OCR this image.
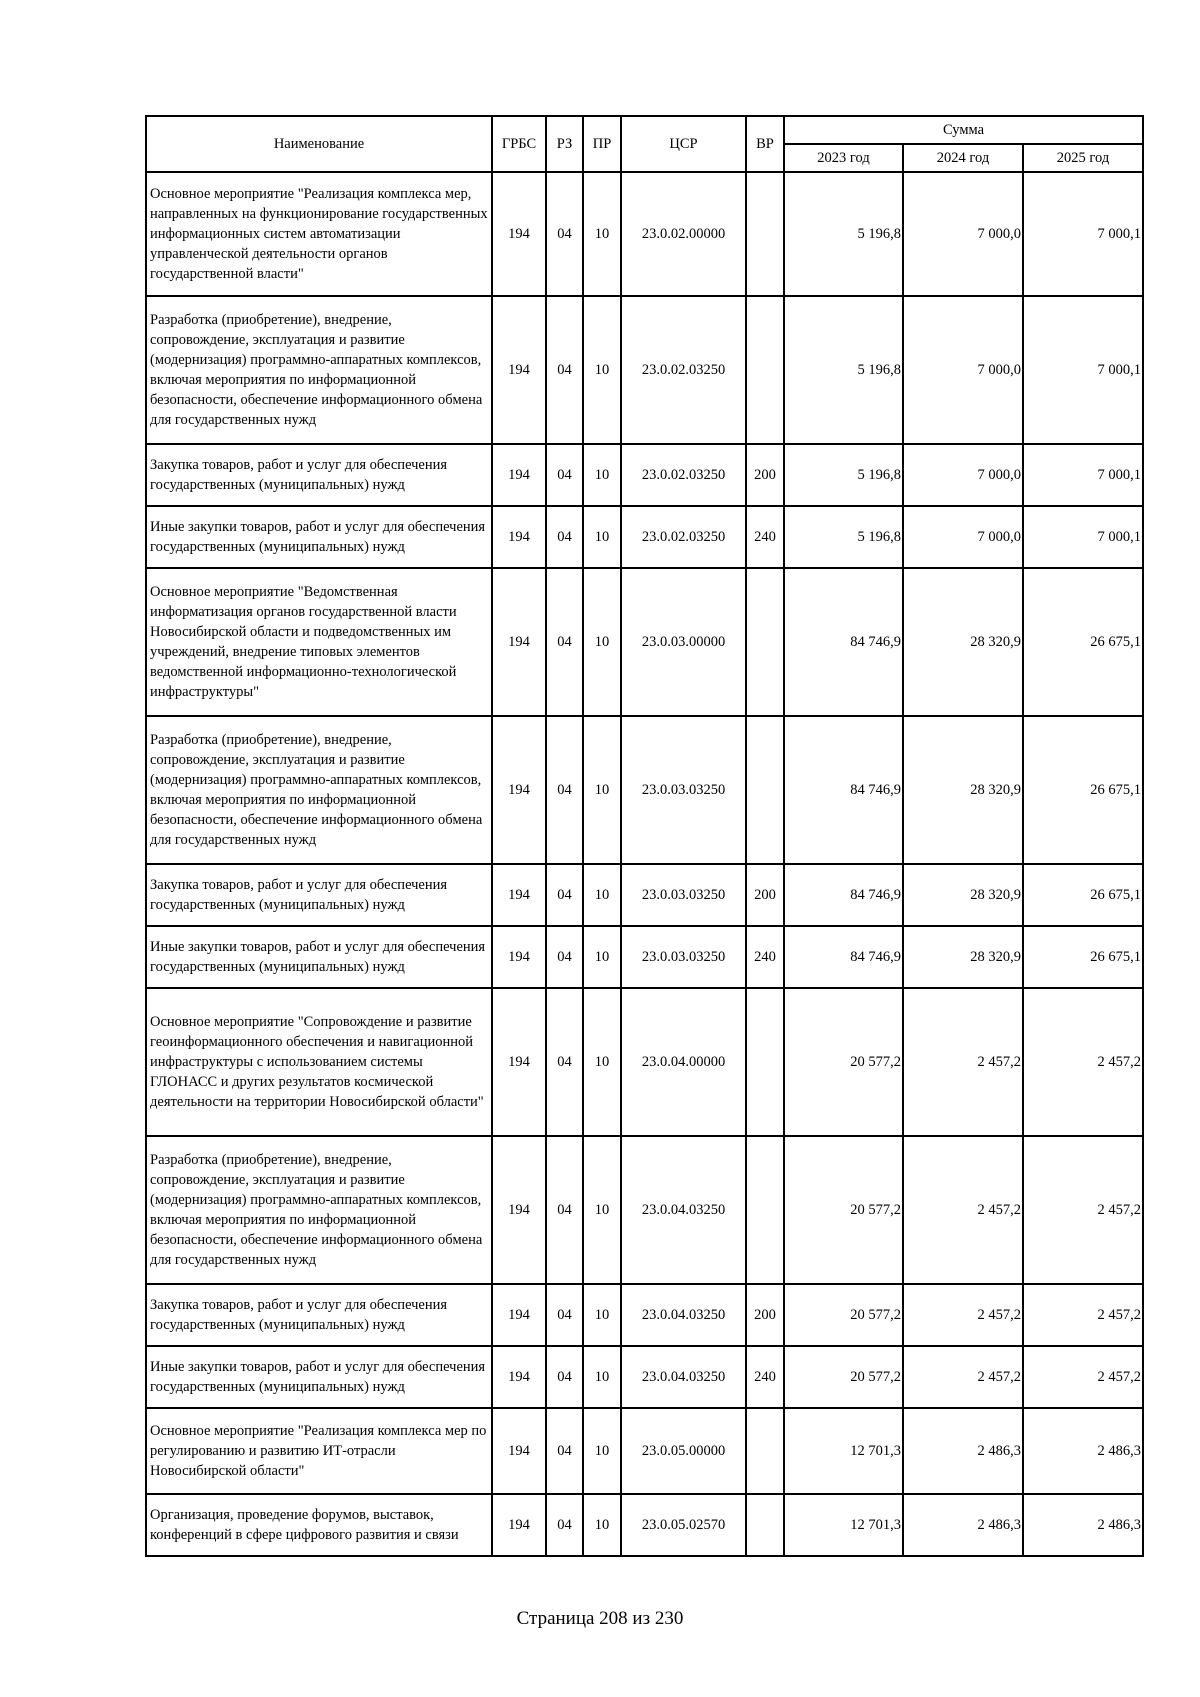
Наименование	ГРБС	РЗ	ПР	ЦСР	ВР	Сумма		
						2023 год	2024 год	2025 год
Основное мероприятие "Реализация комплекса мер, направленных на функционирование государственных информационных систем автоматизации управленческой деятельности органов государственной власти"	194	04	10	23.0.02.00000		5 196,8	7 000,0	7 000,1
Разработка (приобретение), внедрение, сопровождение, эксплуатация и развитие (модернизация) программно-аппаратных комплексов, включая мероприятия по информационной безопасности, обеспечение информационного обмена для государственных нужд	194	04	10	23.0.02.03250		5 196,8	7 000,0	7 000,1
Закупка товаров, работ и услуг для обеспечения государственных (муниципальных) нужд	194	04	10	23.0.02.03250	200	5 196,8	7 000,0	7 000,1
Иные закупки товаров, работ и услуг для обеспечения государственных (муниципальных) нужд	194	04	10	23.0.02.03250	240	5 196,8	7 000,0	7 000,1
Основное мероприятие "Ведомственная информатизация органов государственной власти Новосибирской области и подведомственных им учреждений, внедрение типовых элементов ведомственной информационно-технологической инфраструктуры"	194	04	10	23.0.03.00000		84 746,9	28 320,9	26 675,1
Разработка (приобретение), внедрение, сопровождение, эксплуатация и развитие (модернизация) программно-аппаратных комплексов, включая мероприятия по информационной безопасности, обеспечение информационного обмена для государственных нужд	194	04	10	23.0.03.03250		84 746,9	28 320,9	26 675,1
Закупка товаров, работ и услуг для обеспечения государственных (муниципальных) нужд	194	04	10	23.0.03.03250	200	84 746,9	28 320,9	26 675,1
Иные закупки товаров, работ и услуг для обеспечения государственных (муниципальных) нужд	194	04	10	23.0.03.03250	240	84 746,9	28 320,9	26 675,1
Основное мероприятие "Сопровождение и развитие геоинформационного обеспечения и навигационной инфраструктуры с использованием системы ГЛОНАСС и других результатов космической деятельности на территории Новосибирской области"	194	04	10	23.0.04.00000		20 577,2	2 457,2	2 457,2
Разработка (приобретение), внедрение, сопровождение, эксплуатация и развитие (модернизация) программно-аппаратных комплексов, включая мероприятия по информационной безопасности, обеспечение информационного обмена для государственных нужд	194	04	10	23.0.04.03250		20 577,2	2 457,2	2 457,2
Закупка товаров, работ и услуг для обеспечения государственных (муниципальных) нужд	194	04	10	23.0.04.03250	200	20 577,2	2 457,2	2 457,2
Иные закупки товаров, работ и услуг для обеспечения государственных (муниципальных) нужд	194	04	10	23.0.04.03250	240	20 577,2	2 457,2	2 457,2
Основное мероприятие "Реализация комплекса мер по регулированию и развитию ИТ-отрасли Новосибирской области"	194	04	10	23.0.05.00000		12 701,3	2 486,3	2 486,3
Организация, проведение форумов, выставок, конференций в сфере цифрового развития и связи	194	04	10	23.0.05.02570		12 701,3	2 486,3	2 486,3
Страница 208 из 230
